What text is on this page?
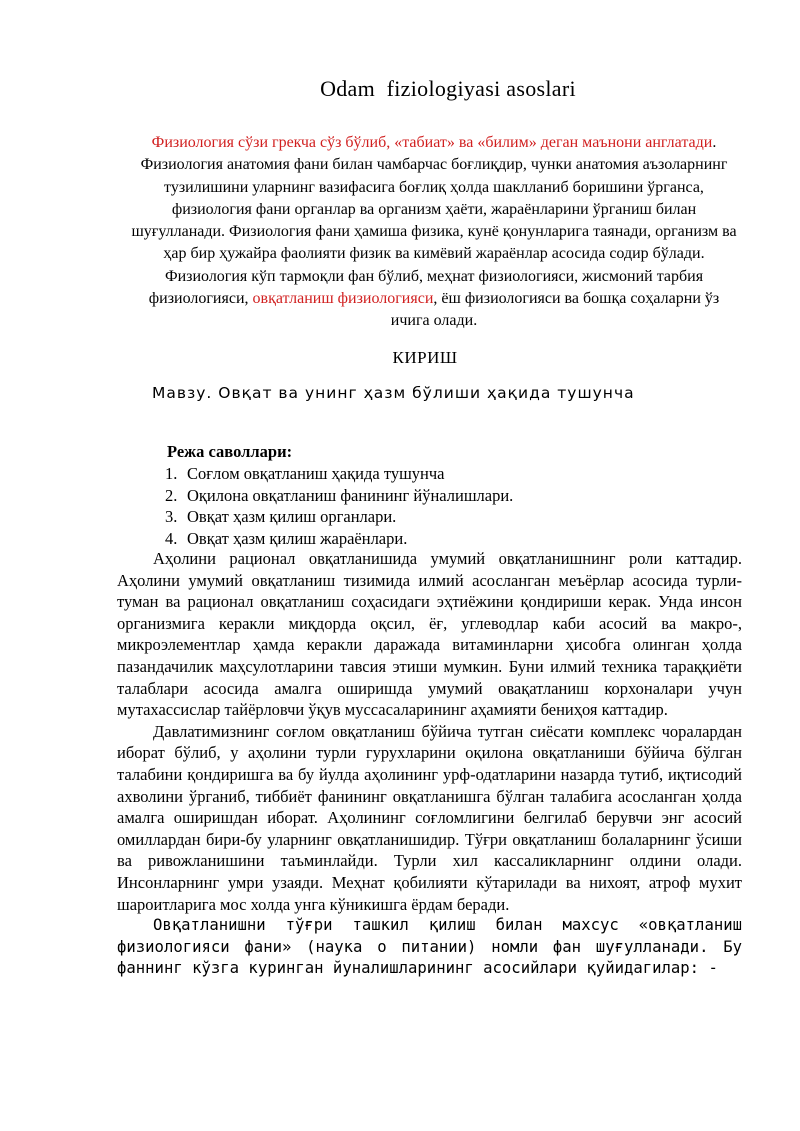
Odam  fiziologiyasi asoslari
Физиология сўзи грекча сўз бўлиб, «табиат» ва «билим» деган маънони англатади. Физиология анатомия фани билан чамбарчас боғлиқдир, чунки анатомия аъзоларнинг тузилишини уларнинг вазифасига боғлиқ ҳолда шаклланиб боришини ўрганса, физиология фани органлар ва организм ҳаёти, жараёнларини ўрганиш билан шуғулланади. Физиология фани ҳамиша физика, кунё қонунларига таянади, организм ва ҳар бир ҳужайра фаолияти физик ва кимёвий жараёнлар асосида содир бўлади. Физиология кўп тармоқли фан бўлиб, меҳнат физиологияси, жисмоний тарбия физиологияси, овқатланиш физиологияси, ёш физиологияси ва бошқа соҳаларни ўз ичига олади.
КИРИШ
Мавзу. Овқат ва унинг ҳазм бўлиши ҳақида тушунча
Режа саволлари:
1. Соғлом овқатланиш ҳақида тушунча
2. Оқилона овқатланиш фанининг йўналишлари.
3. Овқат ҳазм қилиш органлари.
4. Овқат ҳазм қилиш жараёнлари.

Аҳолини рационал овқатланишида умумий овқатланишнинг роли каттадир. Аҳолини умумий овқатланиш тизимида илмий асосланган меъёрлар асосида турли-туман ва рационал овқатланиш соҳасидаги эҳтиёжини қондириши керак. Унда инсон организмига керакли миқдорда оқсил, ёғ, углеводлар каби асосий ва макро-, микроэлементлар ҳамда керакли даражада витаминларни ҳисобга олинган ҳолда пазандачилик маҳсулотларини тавсия этиши мумкин. Буни илмий техника тараққиёти талаблари асосида амалга оширишда умумий овақатланиш корхоналари учун мутахассислар тайёрловчи ўқув муссасаларининг аҳамияти бениҳоя каттадир.

Давлатимизнинг соғлом овқатланиш бўйича тутган сиёсати комплекс чоралардан иборат бўлиб, у аҳолини турли гурухларини оқилона овқатланиши бўйича бўлган талабини қондиришга ва бу йулда аҳолининг урф-одатларини назарда тутиб, иқтисодий ахволини ўрганиб, тиббиёт фанининг овқатланишга бўлган талабига асосланган ҳолда амалга оширишдан иборат. Аҳолининг соғломлигини белгилаб берувчи энг асосий омиллардан бири-бу уларнинг овқатланишидир. Тўғри овқатланиш болаларнинг ўсиши ва ривожланишини таъминлайди. Турли хил кассаликларнинг олдини олади. Инсонларнинг умри узаяди. Меҳнат қобилияти кўтарилади ва нихоят, атроф мухит шароитларига мос холда унга кўникишга ёрдам беради.

Овқатланишни тўғри ташкил қилиш билан махсус «овқатланиш физиологияси фани» (наука о питании) номли фан шуғулланади. Бу фаннинг кўзга куринган йуналишларининг асосийлари қуйидагилар: -
